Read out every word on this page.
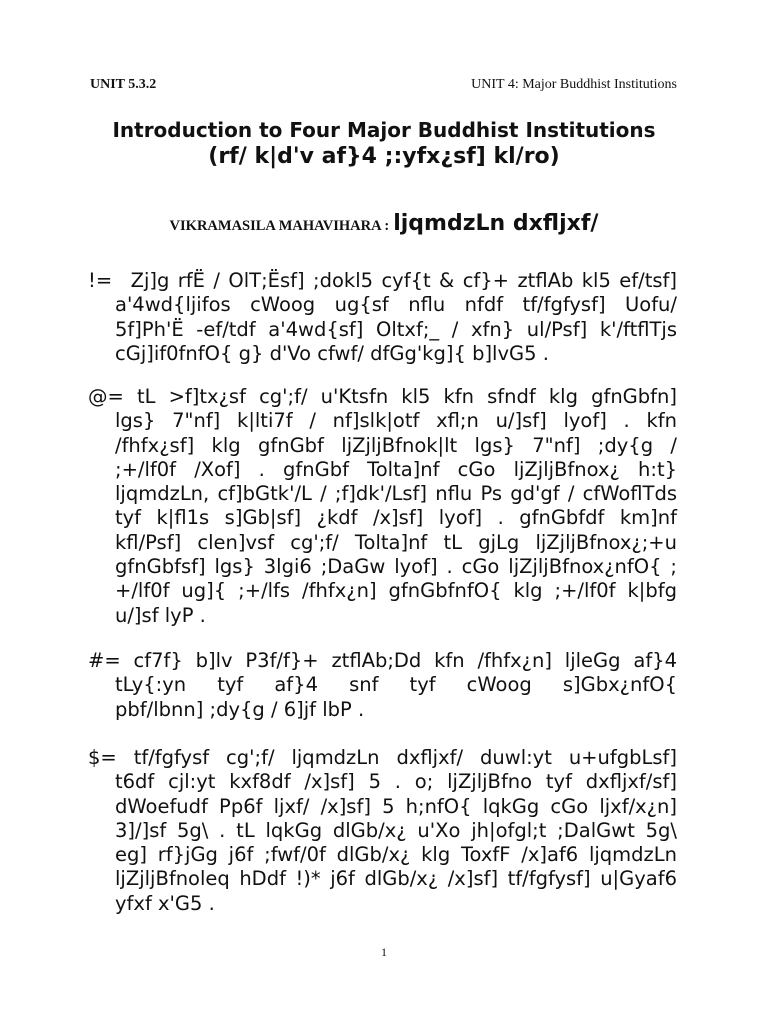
UNIT 5.3.2	UNIT 4: Major Buddhist Institutions
Introduction to Four Major Buddhist Institutions
(rf/ k|d'v af}4 ;:yfx¿sf] kl/ro)
VIKRAMASILA MAHAVIHARA : ljqmdzLn dxfljxf/
!= Zj]g rfË / OlT;Ësf] ;dokl5 cyf{t & cf}+ ztflAb kl5 ef/tsf]
a'4wd{ljifos cWoog ug{sf nflu nfdf tf/fgfysf] Uofu/
5f]Ph'Ë -ef/tdf a'4wd{sf] Oltxf;_ / xfn} ul/Psf] k'/ftflTjs
cGj]if0fnfO{ g} d'Vo cfwf/ dfGg'kg]{ b]lvG5 .
@= tL >f]tx¿sf cg';f/ u'Ktsfn kl5 kfn sfndf klg gfnGbfn]
lgs} 7"nf] k|lti7f / nf]slk|otf xfl;n u/]sf] lyof] . kfn
/fhfx¿sf] klg gfnGbf ljZjljBfnok|lt lgs} 7"nf] ;dy{g /
;+/lf0f /Xof] . gfnGbf Tolta]nf cGo ljZjljBfnox¿ h:t}
ljqmdzLn, cf]bGtk'/L / ;f]dk'/Lsf] nflu Ps gd'gf / cfWoflTds
tyf k|fl1s s]Gb|sf] ¿kdf /x]sf] lyof] . gfnGbfdf km]nf
kfl/Psf] clen]vsf cg';f/ Tolta]nf tL gjLg ljZjljBfnox¿;+u
gfnGbfsf] lgs} 3lgi6 ;DaGw lyof] . cGo ljZjljBfnox¿nfO{ ;
+/lf0f ug]{ ;+/lfs /fhfx¿n] gfnGbfnfO{ klg ;+/lf0f k|bfg
u/]sf lyP .
#= cf7f} b]lv P3f/f}+ ztflAb;Dd kfn /fhfx¿n] ljleGg af}4
tLy{:yn tyf af}4 snf tyf cWoog s]Gbx¿nfO{
pbf/lbnn] ;dy{g / 6]jf lbP .
$= tf/fgfysf cg';f/ ljqmdzLn dxfljxf/ duwl:yt u+ufgbLsf]
t6df cjl:yt kxf8df /x]sf] 5 . o; ljZjljBfno tyf dxfljxf/sf]
dWoefudf Pp6f ljxf/ /x]sf] 5 h;nfO{ lqkGg cGo ljxf/x¿n]
3]/]sf 5g\ . tL lqkGg dlGb/x¿ u'Xo jh|ofgl;t ;DalGwt 5g\
eg] rf}jGg j6f ;fwf/0f dlGb/x¿ klg ToxfF /x]af6 ljqmdzLn
ljZjljBfnoleq hDdf !)* j6f dlGb/x¿ /x]sf] tf/fgfysf] u|Gyaf6
yfxf x'G5 .
1
